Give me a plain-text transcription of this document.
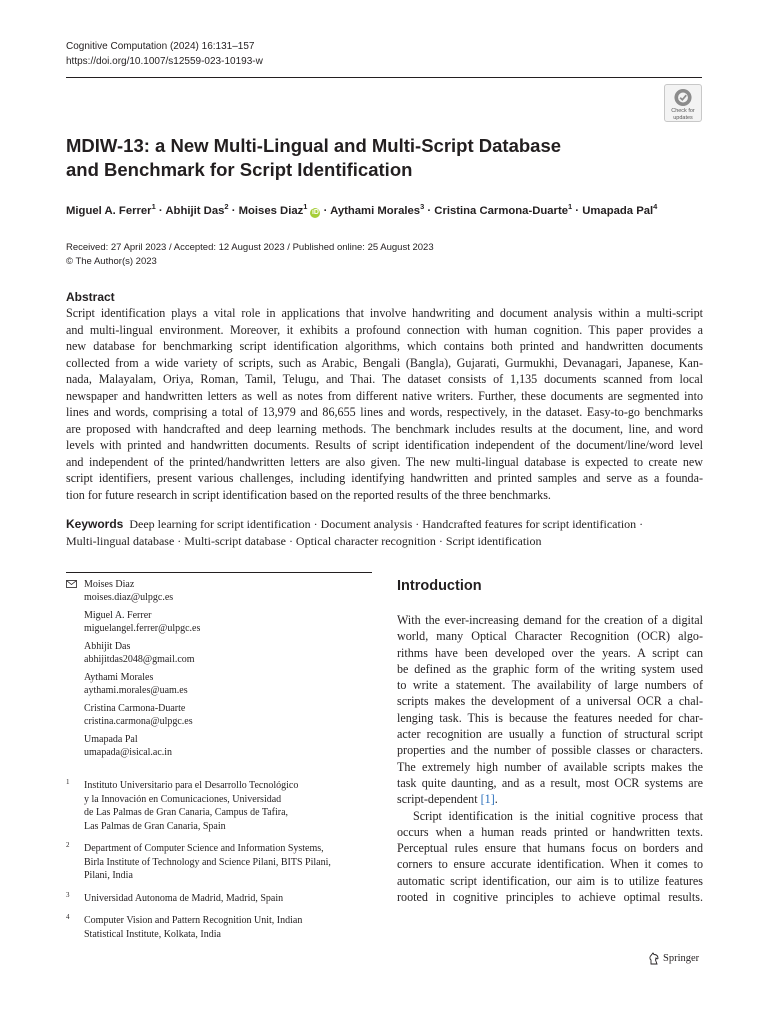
Cognitive Computation (2024) 16:131–157
https://doi.org/10.1007/s12559-023-10193-w
Check for
updates
MDIW-13: a New Multi-Lingual and Multi-Script Database
and Benchmark for Script Identification
Miguel A. Ferrer$^1$ · Abhijit Das$^2$ · Moises Diaz$^1$iD · Aythami Morales$^3$ · Cristina Carmona-Duarte$^1$ · Umapada Pal$^4$
Received: 27 April 2023 / Accepted: 12 August 2023 / Published online: 25 August 2023
© The Author(s) 2023
Abstract
Script identification plays a vital role in applications that involve handwriting and document analysis within a multi-script
and multi-lingual environment. Moreover, it exhibits a profound connection with human cognition. This paper provides a
new database for benchmarking script identification algorithms, which contains both printed and handwritten documents
collected from a wide variety of scripts, such as Arabic, Bengali (Bangla), Gujarati, Gurmukhi, Devanagari, Japanese, Kan-
nada, Malayalam, Oriya, Roman, Tamil, Telugu, and Thai. The dataset consists of 1,135 documents scanned from local
newspaper and handwritten letters as well as notes from different native writers. Further, these documents are segmented into
lines and words, comprising a total of 13,979 and 86,655 lines and words, respectively, in the dataset. Easy-to-go benchmarks
are proposed with handcrafted and deep learning methods. The benchmark includes results at the document, line, and word
levels with printed and handwritten documents. Results of script identification independent of the document/line/word level
and independent of the printed/handwritten letters are also given. The new multi-lingual database is expected to create new
script identifiers, present various challenges, including identifying handwritten and printed samples and serve as a founda-
tion for future research in script identification based on the reported results of the three benchmarks.
Keywords Deep learning for script identification · Document analysis · Handcrafted features for script identification ·
Multi-lingual database · Multi-script database · Optical character recognition · Script identification
Moises Diaz
moises.diaz@ulpgc.es
Miguel A. Ferrer
miguelangel.ferrer@ulpgc.es
Abhijit Das
abhijitdas2048@gmail.com
Aythami Morales
aythami.morales@uam.es
Cristina Carmona-Duarte
cristina.carmona@ulpgc.es
Umapada Pal
umapada@isical.ac.in
1 Instituto Universitario para el Desarrollo Tecnológico
y la Innovación en Comunicaciones, Universidad
de Las Palmas de Gran Canaria, Campus de Tafira,
Las Palmas de Gran Canaria, Spain
2 Department of Computer Science and Information Systems,
Birla Institute of Technology and Science Pilani, BITS Pilani,
Pilani, India
3 Universidad Autonoma de Madrid, Madrid, Spain
4 Computer Vision and Pattern Recognition Unit, Indian
Statistical Institute, Kolkata, India
Introduction
With the ever-increasing demand for the creation of a digital
world, many Optical Character Recognition (OCR) algo-
rithms have been developed over the years. A script can
be defined as the graphic form of the writing system used
to write a statement. The availability of large numbers of
scripts makes the development of a universal OCR a chal-
lenging task. This is because the features needed for char-
acter recognition are usually a function of structural script
properties and the number of possible classes or characters.
The extremely high number of available scripts makes the
task quite daunting, and as a result, most OCR systems are
script-dependent [1].
Script identification is the initial cognitive process that
occurs when a human reads printed or handwritten texts.
Perceptual rules ensure that humans focus on borders and
corners to ensure accurate identification. When it comes to
automatic script identification, our aim is to utilize features
rooted in cognitive principles to achieve optimal results.
Springer
